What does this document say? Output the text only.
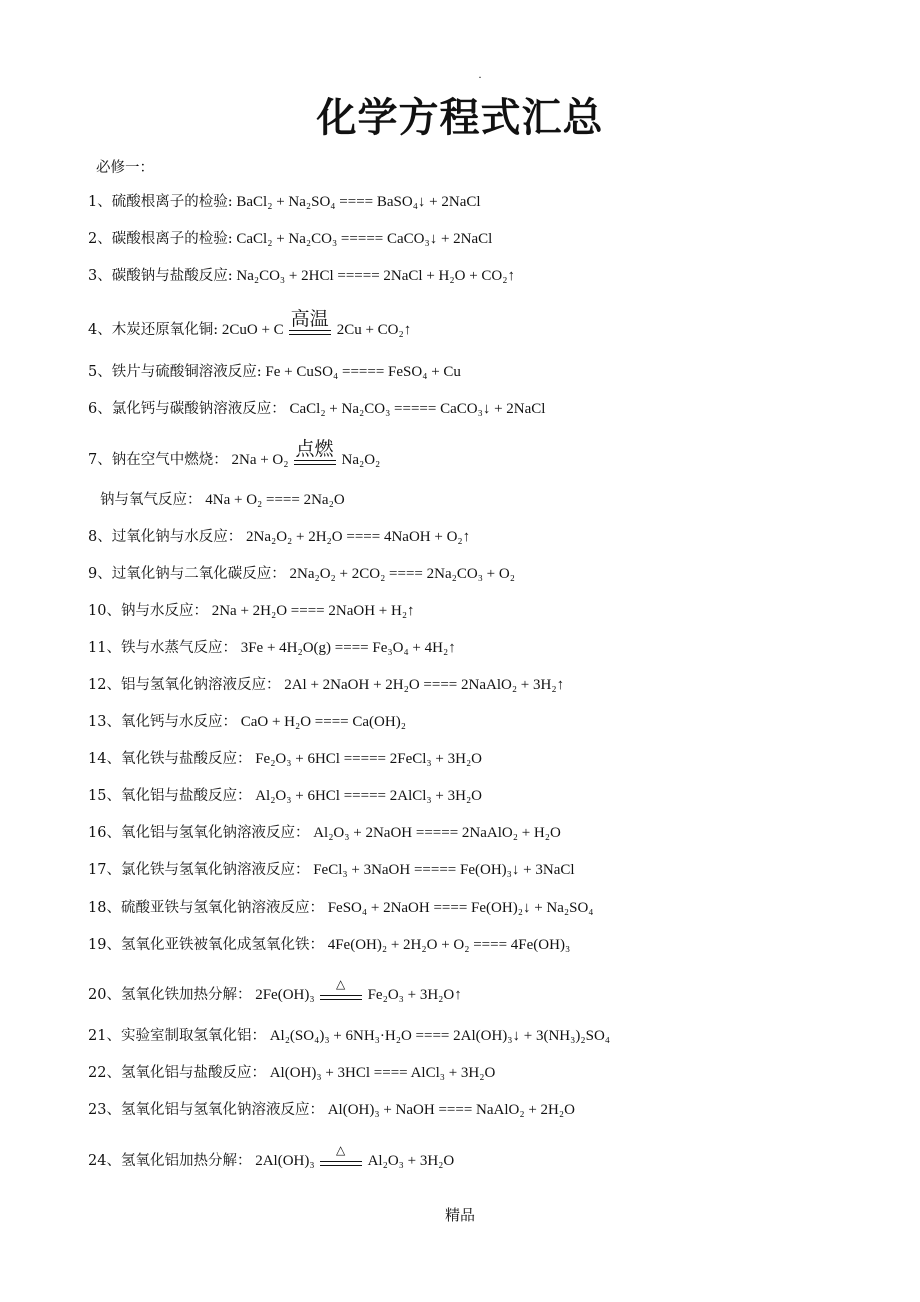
·
化学方程式汇总
必修一：
1、硫酸根离子的检验: BaCl₂ + Na₂SO₄ ==== BaSO₄↓ + 2NaCl
2、碳酸根离子的检验: CaCl₂ + Na₂CO₃ ===== CaCO₃↓ + 2NaCl
3、碳酸钠与盐酸反应: Na₂CO₃ + 2HCl ===== 2NaCl + H₂O + CO₂↑
4、木炭还原氧化铜: 2CuO + C
高温
2Cu + CO₂↑
5、铁片与硫酸铜溶液反应: Fe + CuSO₄ ===== FeSO₄ + Cu
6、氯化钙与碳酸钠溶液反应： CaCl₂ + Na₂CO₃ ===== CaCO₃↓ + 2NaCl
7、钠在空气中燃烧： 2Na + O₂
点燃
Na₂O₂
钠与氧气反应： 4Na + O₂ ==== 2Na₂O
8、过氧化钠与水反应： 2Na₂O₂ + 2H₂O ==== 4NaOH + O₂↑
9、过氧化钠与二氧化碳反应： 2Na₂O₂ + 2CO₂ ==== 2Na₂CO₃ + O₂
10、钠与水反应： 2Na + 2H₂O ==== 2NaOH + H₂↑
11、铁与水蒸气反应： 3Fe + 4H₂O(g) ==== Fe₃O₄ + 4H₂↑
12、铝与氢氧化钠溶液反应： 2Al + 2NaOH + 2H₂O ==== 2NaAlO₂ + 3H₂↑
13、氧化钙与水反应： CaO + H₂O ==== Ca(OH)₂
14、氧化铁与盐酸反应： Fe₂O₃ + 6HCl ===== 2FeCl₃ + 3H₂O
15、氧化铝与盐酸反应： Al₂O₃ + 6HCl ===== 2AlCl₃ + 3H₂O
16、氧化铝与氢氧化钠溶液反应： Al₂O₃ + 2NaOH ===== 2NaAlO₂ + H₂O
17、氯化铁与氢氧化钠溶液反应： FeCl₃ + 3NaOH ===== Fe(OH)₃↓ + 3NaCl
18、硫酸亚铁与氢氧化钠溶液反应： FeSO₄ + 2NaOH ==== Fe(OH)₂↓ + Na₂SO₄
19、氢氧化亚铁被氧化成氢氧化铁： 4Fe(OH)₂ + 2H₂O + O₂ ==== 4Fe(OH)₃
20、氢氧化铁加热分解： 2Fe(OH)₃
△
Fe₂O₃ + 3H₂O↑
21、实验室制取氢氧化铝： Al₂(SO₄)₃ + 6NH₃·H₂O ==== 2Al(OH)₃↓ + 3(NH₃)₂SO₄
22、氢氧化铝与盐酸反应： Al(OH)₃ + 3HCl ==== AlCl₃ + 3H₂O
23、氢氧化铝与氢氧化钠溶液反应： Al(OH)₃ + NaOH ==== NaAlO₂ + 2H₂O
24、氢氧化铝加热分解： 2Al(OH)₃
△
Al₂O₃ + 3H₂O
精品
